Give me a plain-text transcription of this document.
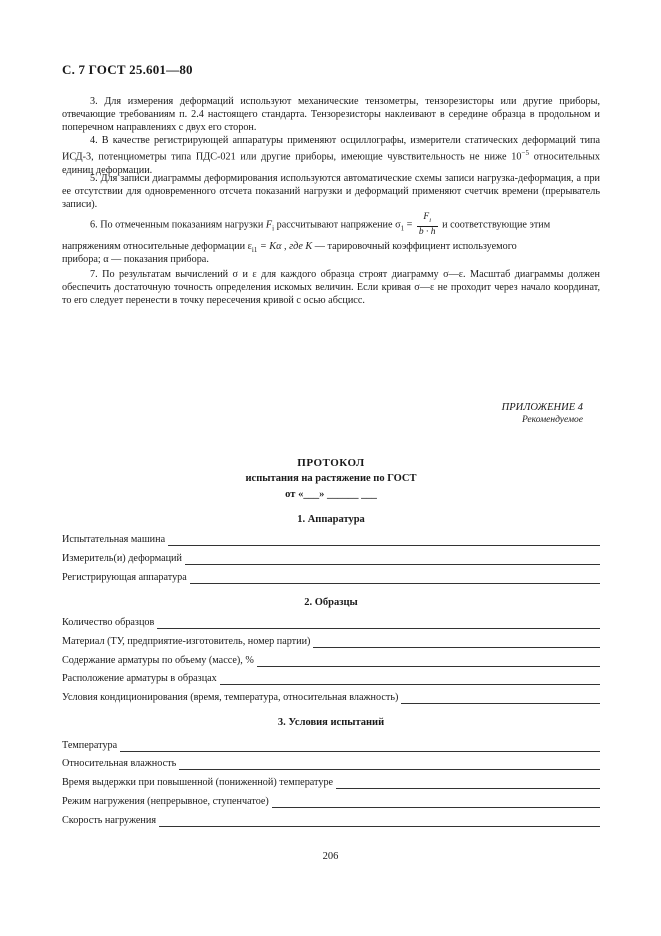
С. 7 ГОСТ 25.601—80
3. Для измерения деформаций используют механические тензометры, тензорезисторы или другие приборы, отвечающие требованиям п. 2.4 настоящего стандарта. Тензорезисторы наклеивают в середине образца в продольном и поперечном направлениях с двух его сторон.
4. В качестве регистрирующей аппаратуры применяют осциллографы, измерители статических деформаций типа ИСД-3, потенциометры типа ПДС-021 или другие приборы, имеющие чувствительность не ниже $10^{-5}$ относительных единиц деформации.
5. Для записи диаграммы деформирования используются автоматические схемы записи нагрузка-деформация, а при ее отсутствии для одновременного отсчета показаний нагрузки и деформаций применяют счетчик времени (прерыватель записи).
6. По отмеченным показаниям нагрузки $F_i$ рассчитывают напряжение $\sigma_1 = \frac{F_i}{b \cdot h}$ и соответствующие этим
напряжениям относительные деформации $\varepsilon_{i1} = K\alpha$ , где K — тарировочный коэффициент используемого
прибора; α — показания прибора.
7. По результатам вычислений σ и ε для каждого образца строят диаграмму σ—ε. Масштаб диаграммы должен обеспечить достаточную точность определения искомых величин. Если кривая σ—ε не проходит через начало координат, то его следует перенести в точку пересечения кривой с осью абсцисс.
ПРИЛОЖЕНИЕ 4
Рекомендуемое
ПРОТОКОЛ
испытания на растяжение по ГОСТ
от «___» ______ ___
1. Аппаратура
Испытательная машина
Измеритель(и) деформаций
Регистрирующая аппаратура
2. Образцы
Количество образцов
Материал (ТУ, предприятие-изготовитель, номер партии)
Содержание арматуры по объему (массе), %
Расположение арматуры в образцах
Условия кондиционирования (время, температура, относительная влажность)
3. Условия испытаний
Температура
Относительная влажность
Время выдержки при повышенной (пониженной) температуре
Режим нагружения (непрерывное, ступенчатое)
Скорость нагружения
206
